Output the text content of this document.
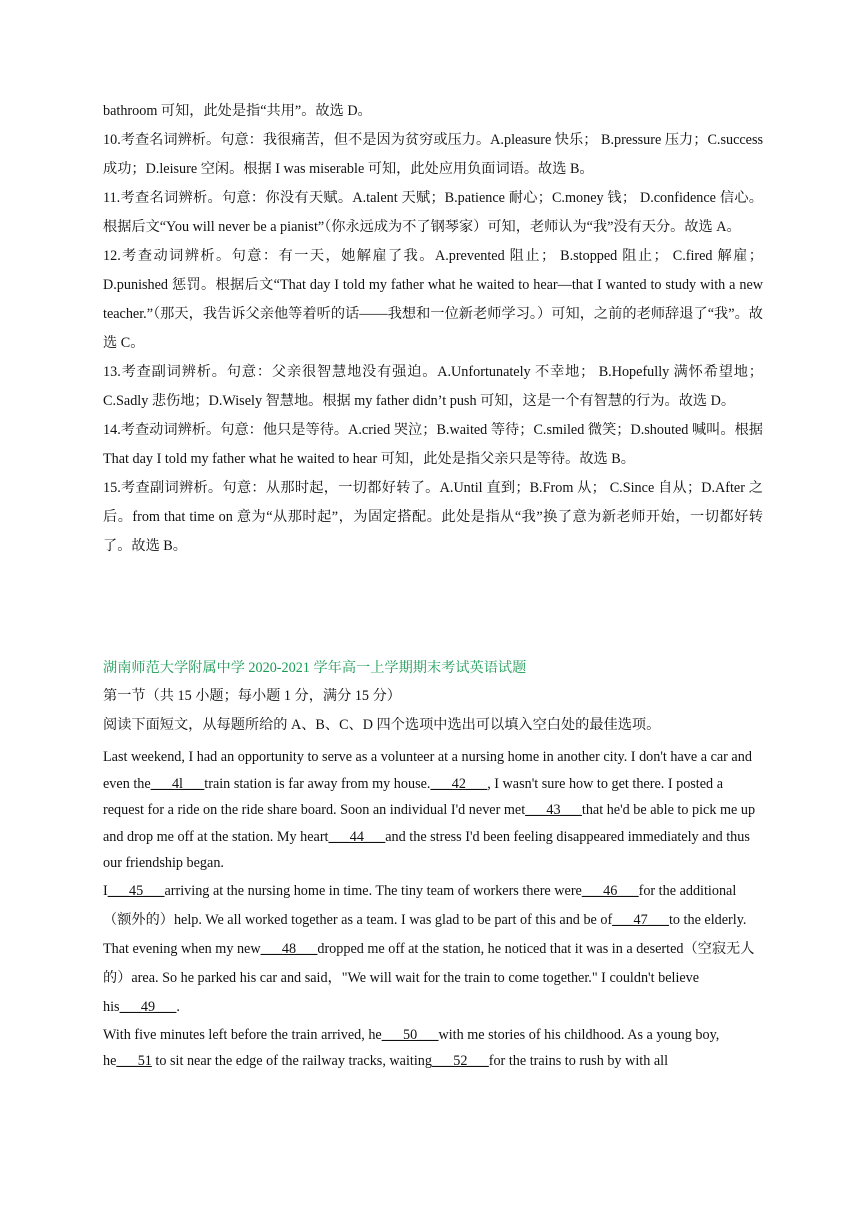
bathroom 可知，此处是指“共用”。故选 D。

10.考查名词辨析。句意：我很痛苦，但不是因为贫穷或压力。A.pleasure 快乐； B.pressure 压力；C.success 成功；D.leisure 空闲。根据 I was miserable 可知，此处应用负面词语。故选 B。

11.考查名词辨析。句意：你没有天赋。A.talent 天赋；B.patience 耐心；C.money 钱； D.confidence 信心。根据后文“You will never be a pianist”（你永远成为不了钢琴家）可知，老师认为“我”没有天分。故选 A。

12.考查动词辨析。句意：有一天，她解雇了我。A.prevented 阻止； B.stopped 阻止； C.fired 解雇；D.punished 惩罚。根据后文“That day I told my father what he waited to hear—that I wanted to study with a new teacher.”（那天，我告诉父亲他等着听的话——我想和一位新老师学习。）可知，之前的老师辞退了“我”。故选 C。

13.考查副词辨析。句意：父亲很智慧地没有强迫。A.Unfortunately 不幸地； B.Hopefully 满怀希望地；C.Sadly 悲伤地；D.Wisely 智慧地。根据 my father didn’t push 可知，这是一个有智慧的行为。故选 D。

14.考查动词辨析。句意：他只是等待。A.cried 哭泣；B.waited 等待；C.smiled 微笑；D.shouted 喊叫。根据 That day I told my father what he waited to hear 可知，此处是指父亲只是等待。故选 B。

15.考查副词辨析。句意：从那时起，一切都好转了。A.Until 直到；B.From 从； C.Since 自从；D.After 之后。from that time on 意为“从那时起”，为固定搭配。此处是指从“我”换了意为新老师开始，一切都好转了。故选 B。

湖南师范大学附属中学 2020-2021 学年高一上学期期末考试英语试题

第一节（共 15 小题；每小题 1 分，满分 15 分）

阅读下面短文，从每题所给的 A、B、C、D 四个选项中选出可以填入空白处的最佳选项。

Last weekend, I had an opportunity to serve as a volunteer at a nursing home in another city. I don't have a car and even the___4l___train station is far away from my house.___42___, I wasn't sure how to get there. I posted a request for a ride on the ride share board. Soon an individual I'd never met___43___that he'd be able to pick me up and drop me off at the station. My heart___44___and the stress I'd been feeling disappeared immediately and thus our friendship began.

I___45___arriving at the nursing home in time. The tiny team of workers there were___46___for the additional（额外的）help. We all worked together as a team. I was glad to be part of this and be of___47___to the elderly.

That evening when my new___48___dropped me off at the station, he noticed that it was in a deserted（空寂无人的）area. So he parked his car and said，"We will wait for the train to come together." I couldn't believe his___49___.

With five minutes left before the train arrived, he___50___with me stories of his childhood. As a young boy, he___51 to sit near the edge of the railway tracks, waiting___52___for the trains to rush by with all
